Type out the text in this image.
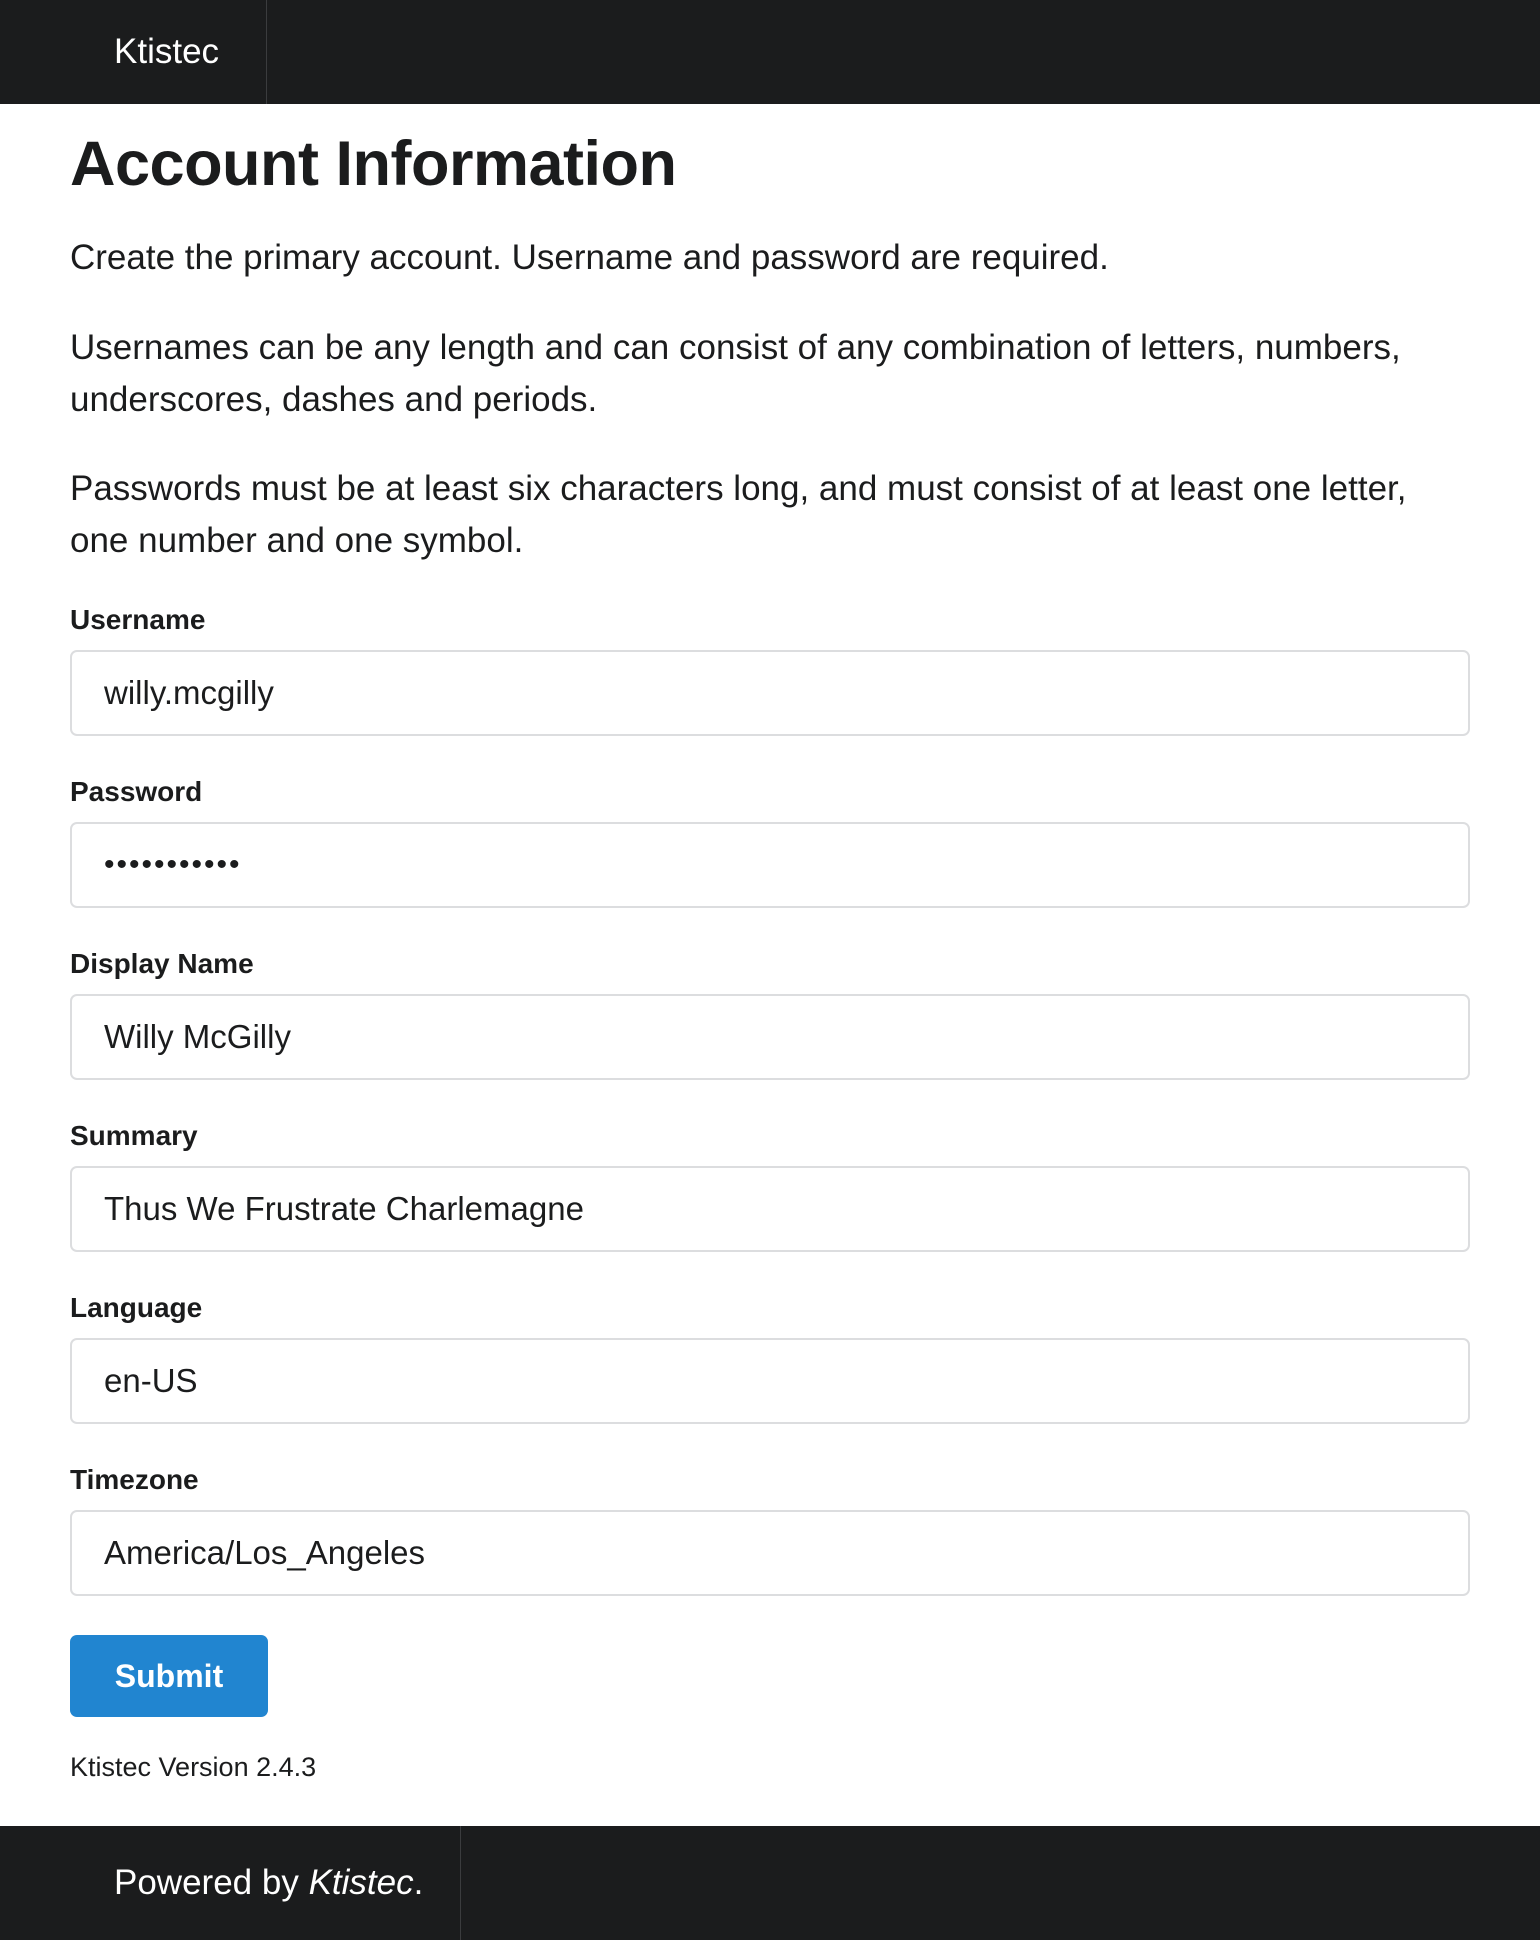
Ktistec
Account Information

Create the primary account. Username and password are required.

Usernames can be any length and can consist of any combination of letters, numbers, underscores, dashes and periods.

Passwords must be at least six characters long, and must consist of at least one letter, one number and one symbol.

Username
willy.mcgilly
Password
•••••••••••
Display Name
Willy McGilly
Summary
Thus We Frustrate Charlemagne
Language
en-US
Timezone
America/Los_Angeles
Submit
Ktistec Version 2.4.3
Powered by Ktistec.
